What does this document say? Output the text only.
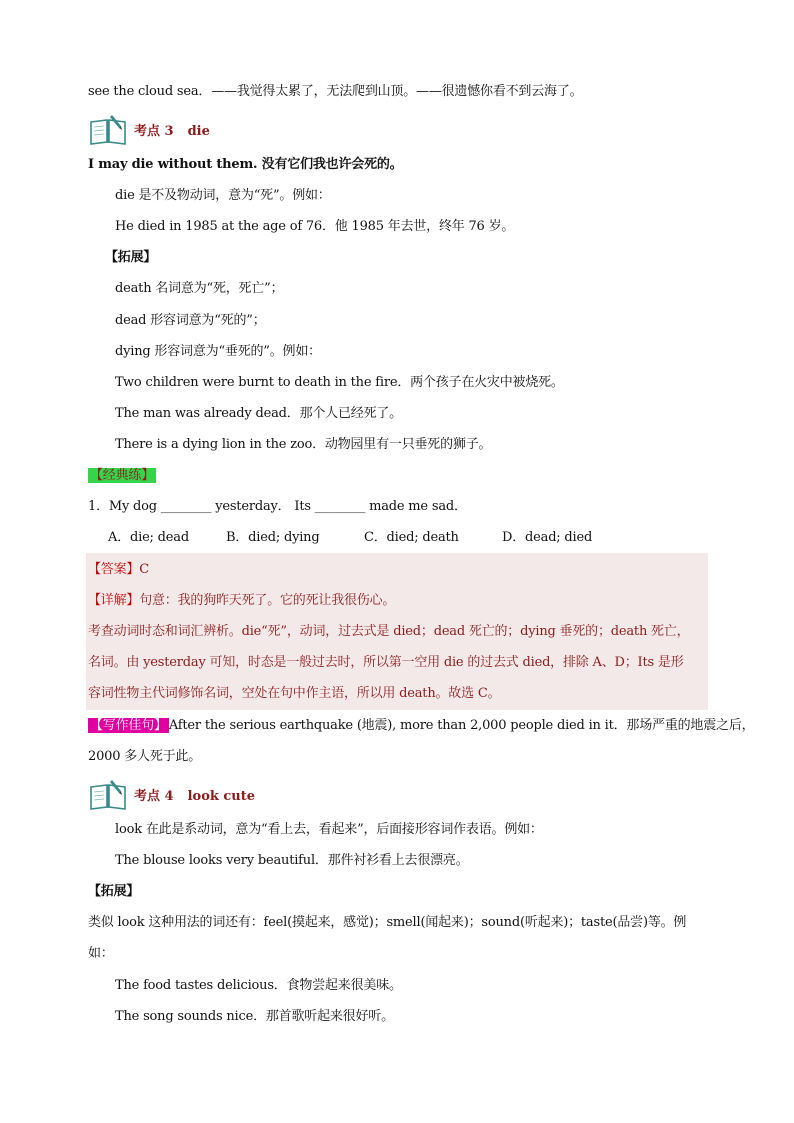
see the cloud sea．——我觉得太累了，无法爬到山顶。——很遗憾你看不到云海了。
考点 3 die
I may die without them. 没有它们我也许会死的。
die 是不及物动词，意为“死”。例如：
He died in 1985 at the age of 76．他 1985 年去世，终年 76 岁。
【拓展】
death 名词意为“死，死亡”；
dead 形容词意为“死的”；
dying 形容词意为“垂死的”。例如：
Two children were burnt to death in the fire．两个孩子在火灾中被烧死。
The man was already dead．那个人已经死了。
There is a dying lion in the zoo．动物园里有一只垂死的狮子。
【经典练】
1．My dog ________ yesterday． Its ________ made me sad．
A．die; dead	B．died; dying	C．died; death	D．dead; died
【答案】C
【详解】句意：我的狗昨天死了。它的死让我很伤心。
考查动词时态和词汇辨析。die“死”，动词，过去式是 died；dead 死亡的；dying 垂死的；death 死亡，
名词。由 yesterday 可知，时态是一般过去时，所以第一空用 die 的过去式 died，排除 A、D；Its 是形
容词性物主代词修饰名词，空处在句中作主语，所以用 death。故选 C。
【写作佳句】 After the serious earthquake (地震), more than 2,000 people died in it．那场严重的地震之后，
2000 多人死于此。
考点 4 look cute
look 在此是系动词，意为“看上去，看起来”，后面接形容词作表语。例如：
The blouse looks very beautiful．那件衬衫看上去很漂亮。
【拓展】
类似 look 这种用法的词还有：feel(摸起来，感觉)；smell(闻起来)；sound(听起来)；taste(品尝)等。例
如：
The food tastes delicious．食物尝起来很美味。
The song sounds nice．那首歌听起来很好听。
